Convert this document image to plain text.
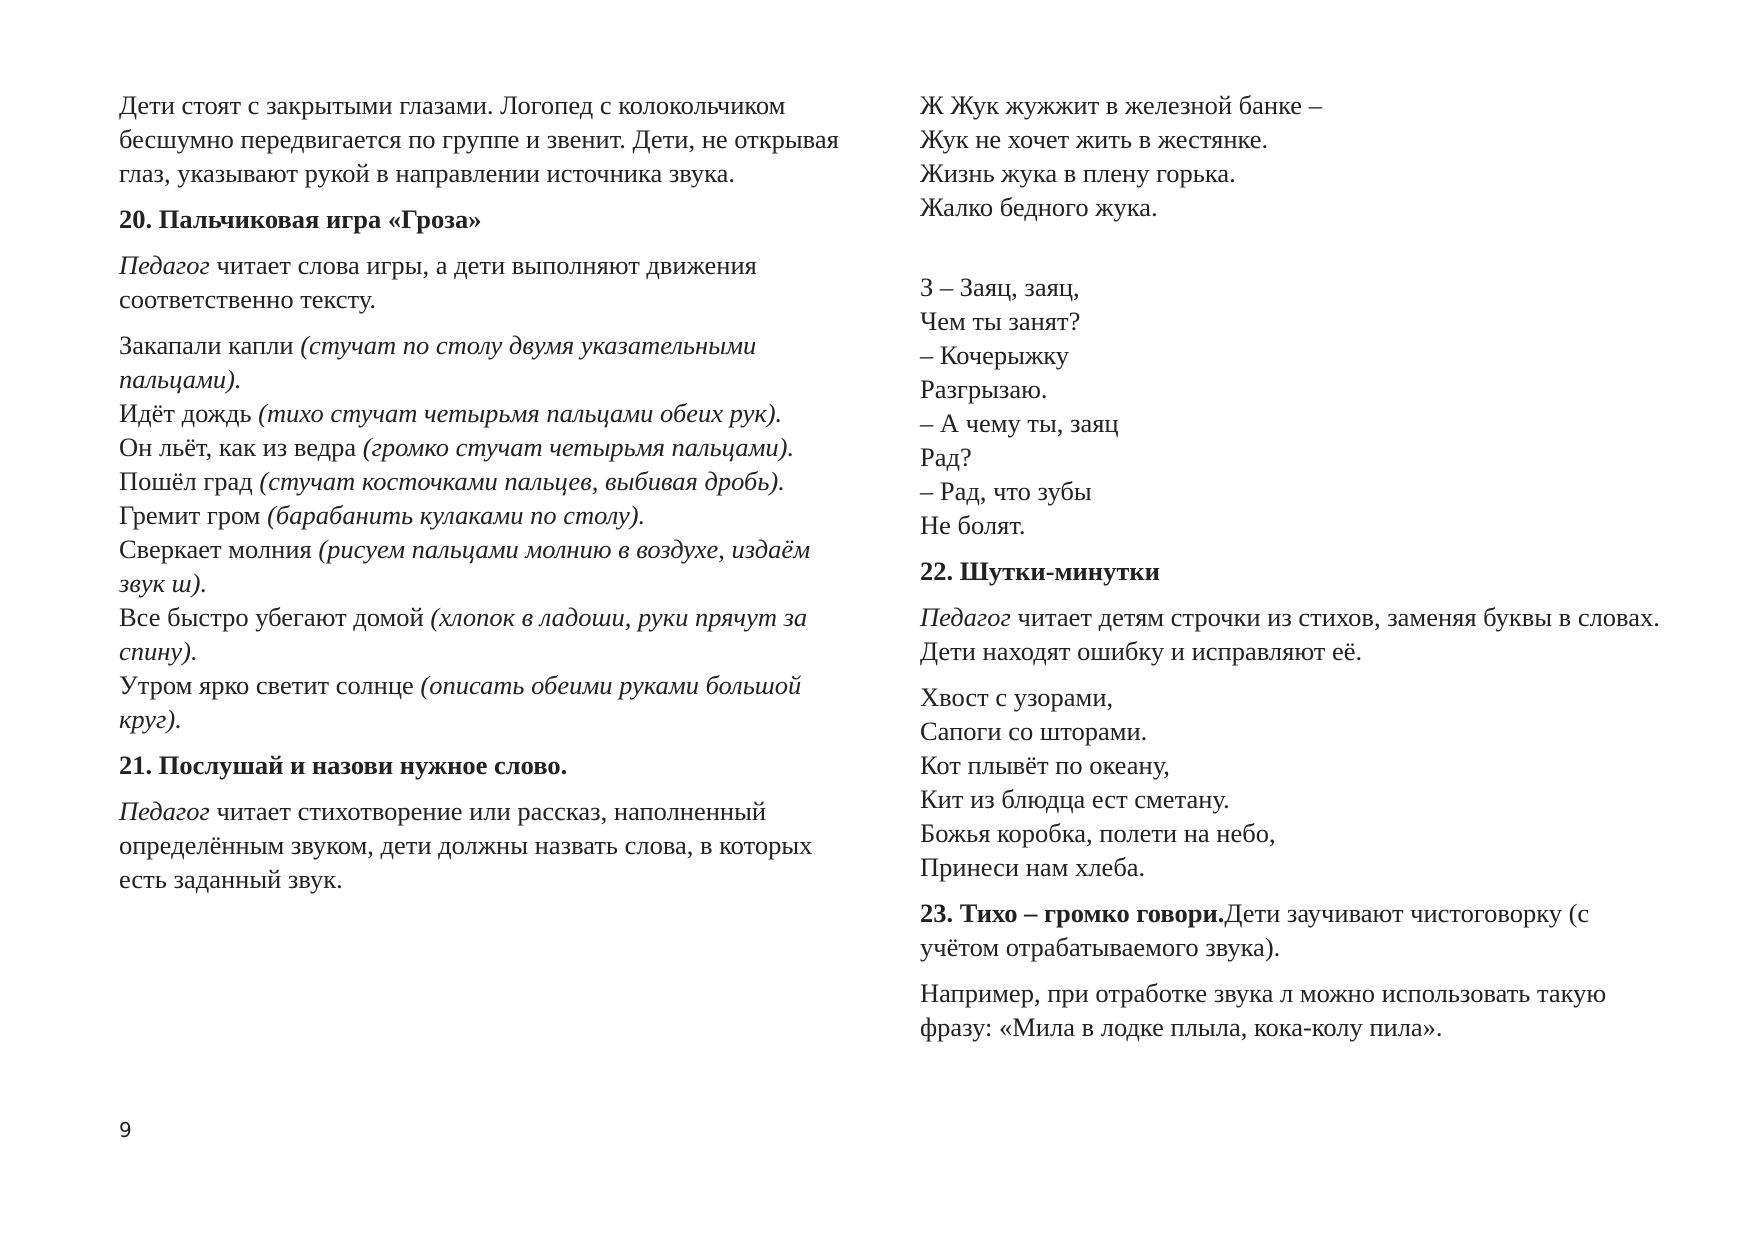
Дети стоят с закрытыми глазами. Логопед с колокольчиком бесшумно передвигается по группе и звенит. Дети, не открывая глаз, указывают рукой в направлении источника звука.

20. Пальчиковая игра «Гроза»

Педагог читает слова игры, а дети выполняют движения соответственно тексту.

Закапали капли (стучат по столу двумя указательными пальцами).
Идёт дождь (тихо стучат четырьмя пальцами обеих рук).
Он льёт, как из ведра (громко стучат четырьмя пальцами).
Пошёл град (стучат косточками пальцев, выбивая дробь).
Гремит гром (барабанить кулаками по столу).
Сверкает молния (рисуем пальцами молнию в воздухе, издаём звук ш).
Все быстро убегают домой (хлопок в ладоши, руки прячут за спину).
Утром ярко светит солнце (описать обеими руками большой круг).

21. Послушай и назови нужное слово.

Педагог читает стихотворение или рассказ, наполненный определённым звуком, дети должны назвать слова, в которых есть заданный звук.

Ж Жук жужжит в железной банке –
Жук не хочет жить в жестянке.
Жизнь жука в плену горька.
Жалко бедного жука.
З – Заяц, заяц,
Чем ты занят?
– Кочерыжку
Разгрызаю.
– А чему ты, заяц
Рад?
– Рад, что зубы
Не болят.
22. Шутки-минутки

Педагог читает детям строчки из стихов, заменяя буквы в словах. Дети находят ошибку и исправляют её.

Хвост с узорами,
Сапоги со шторами.
Кот плывёт по океану,
Кит из блюдца ест сметану.
Божья коробка, полети на небо,
Принеси нам хлеба.

23. Тихо – громко говори.Дети заучивают чистоговорку (с учётом отрабатываемого звука).

Например, при отработке звука л можно использовать такую фразу: «Мила в лодке плыла, кока-колу пила».

9
